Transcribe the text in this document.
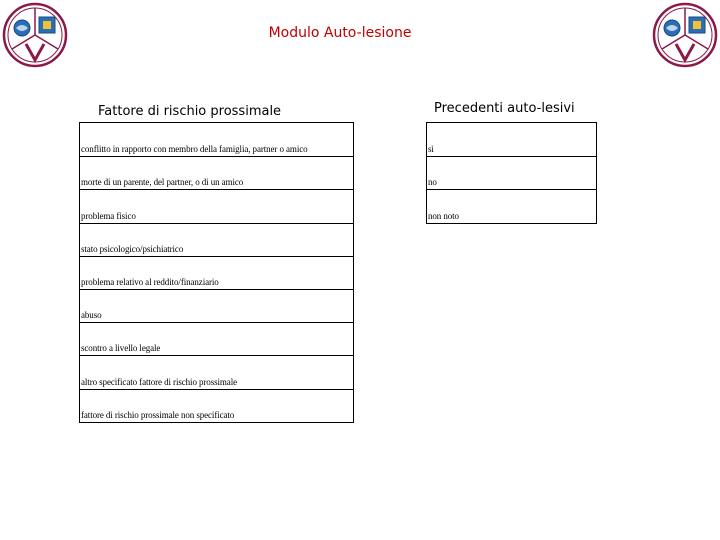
Modulo Auto-lesione
Fattore di rischio prossimale	Precedenti auto-lesivi
conflitto in rapporto con membro della famiglia, partner o amico
morte di un parente, del partner, o di un amico
problema fisico
stato psicologico/psichiatrico
problema relativo al reddito/finanziario
abuso
scontro a livello legale
altro specificato fattore di rischio prossimale
fattore di rischio prossimale non specificato
sì
no
non noto
